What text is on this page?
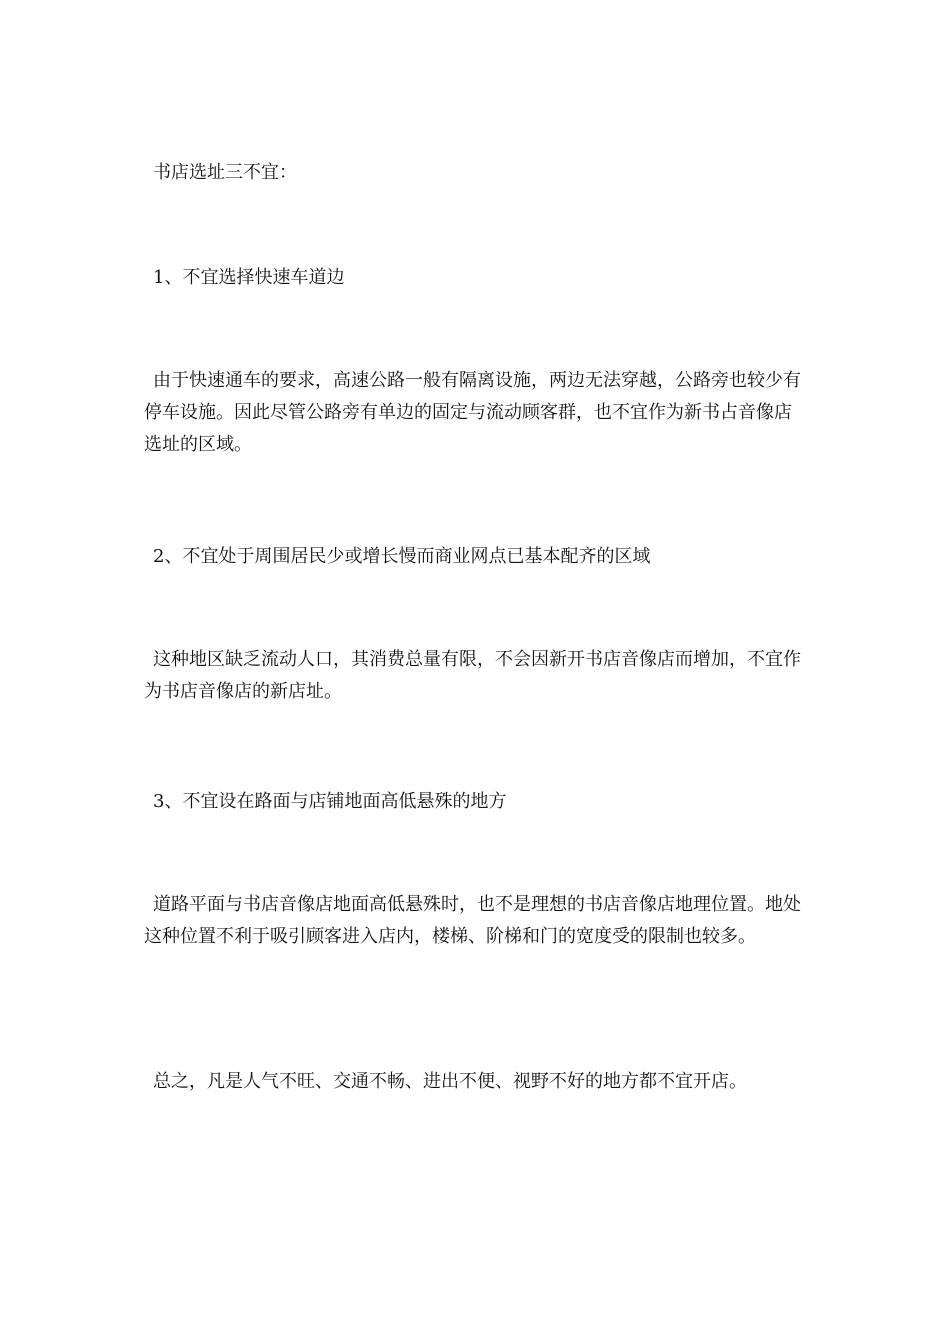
书店选址三不宜：

1、不宜选择快速车道边

由于快速通车的要求，高速公路一般有隔离设施，两边无法穿越，公路旁也较少有停车设施。因此尽管公路旁有单边的固定与流动顾客群，也不宜作为新书占音像店选址的区域。

2、不宜处于周围居民少或增长慢而商业网点已基本配齐的区域

这种地区缺乏流动人口，其消费总量有限，不会因新开书店音像店而增加，不宜作为书店音像店的新店址。

3、不宜设在路面与店铺地面高低悬殊的地方

道路平面与书店音像店地面高低悬殊时，也不是理想的书店音像店地理位置。地处这种位置不利于吸引顾客进入店内，楼梯、阶梯和门的宽度受的限制也较多。

总之，凡是人气不旺、交通不畅、进出不便、视野不好的地方都不宜开店。
